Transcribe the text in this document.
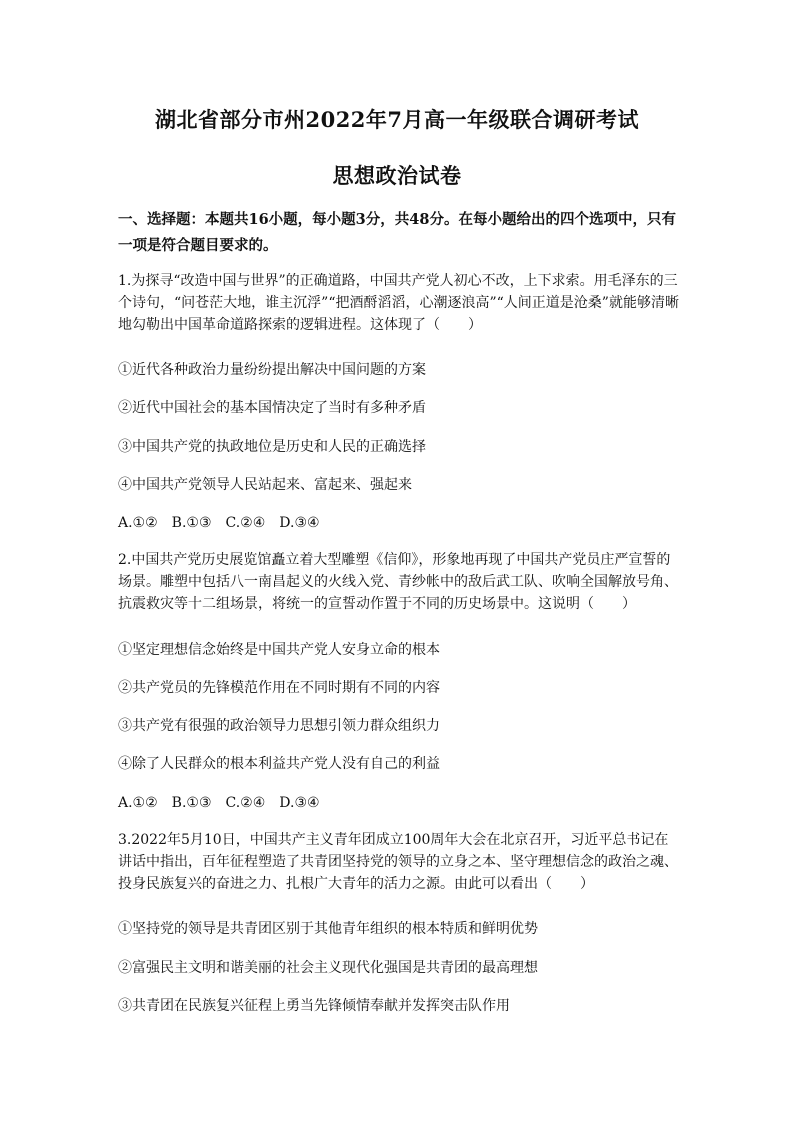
湖北省部分市州2022年7月高一年级联合调研考试
思想政治试卷
一、选择题：本题共16小题，每小题3分，共48分。在每小题给出的四个选项中，只有一项是符合题目要求的。
1.为探寻“改造中国与世界”的正确道路，中国共产党人初心不改，上下求索。用毛泽东的三个诗句，“问苍茫大地，谁主沉浮”“把酒酹滔滔，心潮逐浪高”“人间正道是沧桑”就能够清晰地勾勒出中国革命道路探索的逻辑进程。这体现了（　　）
①近代各种政治力量纷纷提出解决中国问题的方案
②近代中国社会的基本国情决定了当时有多种矛盾
③中国共产党的执政地位是历史和人民的正确选择
④中国共产党领导人民站起来、富起来、强起来
A.①②　B.①③　C.②④　D.③④
2.中国共产党历史展览馆矗立着大型雕塑《信仰》，形象地再现了中国共产党员庄严宣誓的场景。雕塑中包括八一南昌起义的火线入党、青纱帐中的敌后武工队、吹响全国解放号角、抗震救灾等十二组场景，将统一的宣誓动作置于不同的历史场景中。这说明（　　）
①坚定理想信念始终是中国共产党人安身立命的根本
②共产党员的先锋模范作用在不同时期有不同的内容
③共产党有很强的政治领导力思想引领力群众组织力
④除了人民群众的根本利益共产党人没有自己的利益
A.①②　B.①③　C.②④　D.③④
3.2022年5月10日，中国共产主义青年团成立100周年大会在北京召开，习近平总书记在讲话中指出，百年征程塑造了共青团坚持党的领导的立身之本、坚守理想信念的政治之魂、投身民族复兴的奋进之力、扎根广大青年的活力之源。由此可以看出（　　）
①坚持党的领导是共青团区别于其他青年组织的根本特质和鲜明优势
②富强民主文明和谐美丽的社会主义现代化强国是共青团的最高理想
③共青团在民族复兴征程上勇当先锋倾情奉献并发挥突击队作用
